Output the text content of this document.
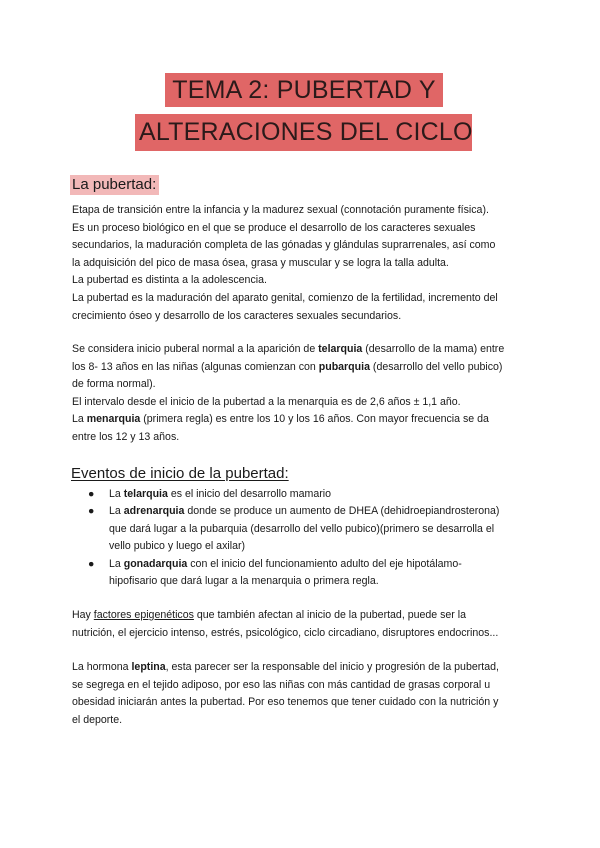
TEMA 2: PUBERTAD Y
ALTERACIONES DEL CICLO
La pubertad:

Etapa de transición entre la infancia y la madurez sexual (connotación puramente física).

Es un proceso biológico en el que se produce el desarrollo de los caracteres sexuales

secundarios, la maduración completa de las gónadas y glándulas suprarrenales, así como

la adquisición del pico de masa ósea, grasa y muscular y se logra la talla adulta.

La pubertad es distinta a la adolescencia.

La pubertad es la maduración del aparato genital, comienzo de la fertilidad, incremento del

crecimiento óseo y desarrollo de los caracteres sexuales secundarios.

Se considera inicio puberal normal a la aparición de telarquia (desarrollo de la mama) entre

los 8- 13 años en las niñas (algunas comienzan con pubarquia (desarrollo del vello pubico)

de forma normal).

El intervalo desde el inicio de la pubertad a la menarquia es de 2,6 años ± 1,1 año.

La menarquia (primera regla) es entre los 10 y los 16 años. Con mayor frecuencia se da

entre los 12 y 13 años.

Eventos de inicio de la pubertad:
● La telarquia es el inicio del desarrollo mamario
● La adrenarquia donde se produce un aumento de DHEA (dehidroepiandrosterona)
que dará lugar a la pubarquia (desarrollo del vello pubico)(primero se desarrolla el
vello pubico y luego el axilar)
● La gonadarquia con el inicio del funcionamiento adulto del eje hipotálamo-
hipofisario que dará lugar a la menarquia o primera regla.

Hay factores epigenéticos que también afectan al inicio de la pubertad, puede ser la

nutrición, el ejercicio intenso, estrés, psicológico, ciclo circadiano, disruptores endocrinos...

La hormona leptina, esta parecer ser la responsable del inicio y progresión de la pubertad,

se segrega en el tejido adiposo, por eso las niñas con más cantidad de grasas corporal u

obesidad iniciarán antes la pubertad. Por eso tenemos que tener cuidado con la nutrición y

el deporte.
